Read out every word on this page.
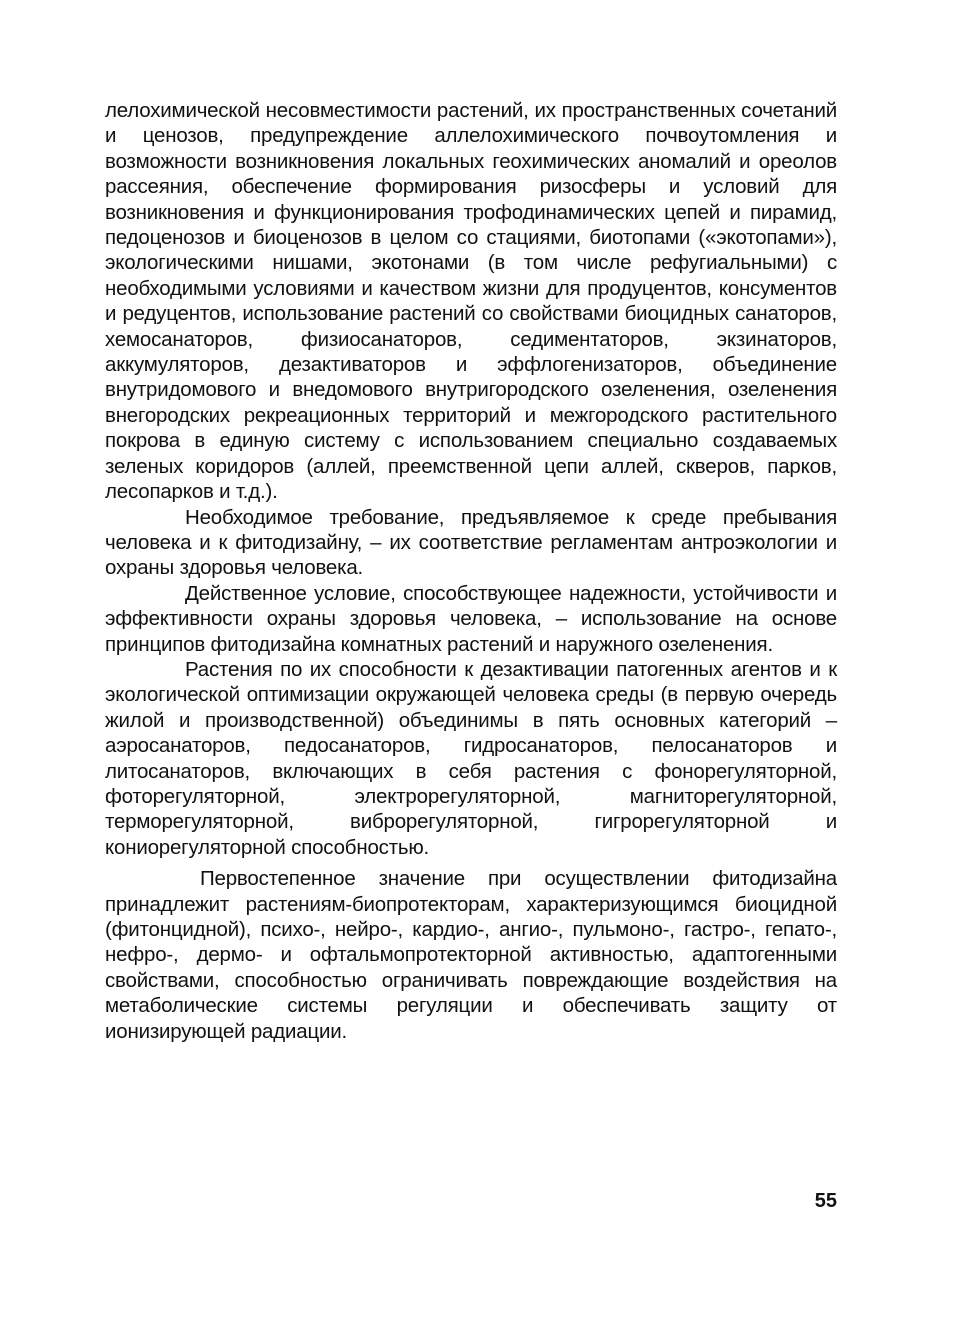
лелохимической несовместимости растений, их пространственных сочетаний и ценозов, предупреждение аллелохимического почвоутомления и возможности возникновения локальных геохимических аномалий и ореолов рассеяния, обеспечение формирования ризосферы и условий для возникновения и функционирования трофодинамических цепей и пирамид, педоценозов и биоценозов в целом со стациями, биотопами («экотопами»), экологическими нишами, экотонами (в том числе рефугиальными) с необходимыми условиями и качеством жизни для продуцентов, консументов и редуцентов, использование растений со свойствами биоцидных санаторов, хемосанаторов, физиосанаторов, седиментаторов, экзинаторов, аккумуляторов, дезактиваторов и эффлогенизаторов, объединение внутридомового и внедомового внутригородского озеленения, озеленения внегородских рекреационных территорий и межгородского растительного покрова в единую систему с использованием специально создаваемых зеленых коридоров (аллей, преемственной цепи аллей, скверов, парков, лесопарков и т.д.).

Необходимое требование, предъявляемое к среде пребывания человека и к фитодизайну, – их соответствие регламентам антроэкологии и охраны здоровья человека.

Действенное условие, способствующее надежности, устойчивости и эффективности охраны здоровья человека, – использование на основе принципов фитодизайна комнатных растений и наружного озеленения.

Растения по их способности к дезактивации патогенных агентов и к экологической оптимизации окружающей человека среды (в первую очередь жилой и производственной) объединимы в пять основных категорий – аэросанаторов, педосанаторов, гидросанаторов, пелосанаторов и литосанаторов, включающих в себя растения с фонорегуляторной, фоторегуляторной, электрорегуляторной, магниторегуляторной, терморегуляторной, виброрегуляторной, гигрорегуляторной и кониорегуляторной способностью.

Первостепенное значение при осуществлении фитодизайна принадлежит растениям-биопротекторам, характеризующимся биоцидной (фитонцидной), психо-, нейро-, кардио-, ангио-, пульмоно-, гастро-, гепато-, нефро-, дермо- и офтальмопротекторной активностью, адаптогенными свойствами, способностью ограничивать повреждающие воздействия на метаболические системы регуляции и обеспечивать защиту от ионизирующей радиации.

55
